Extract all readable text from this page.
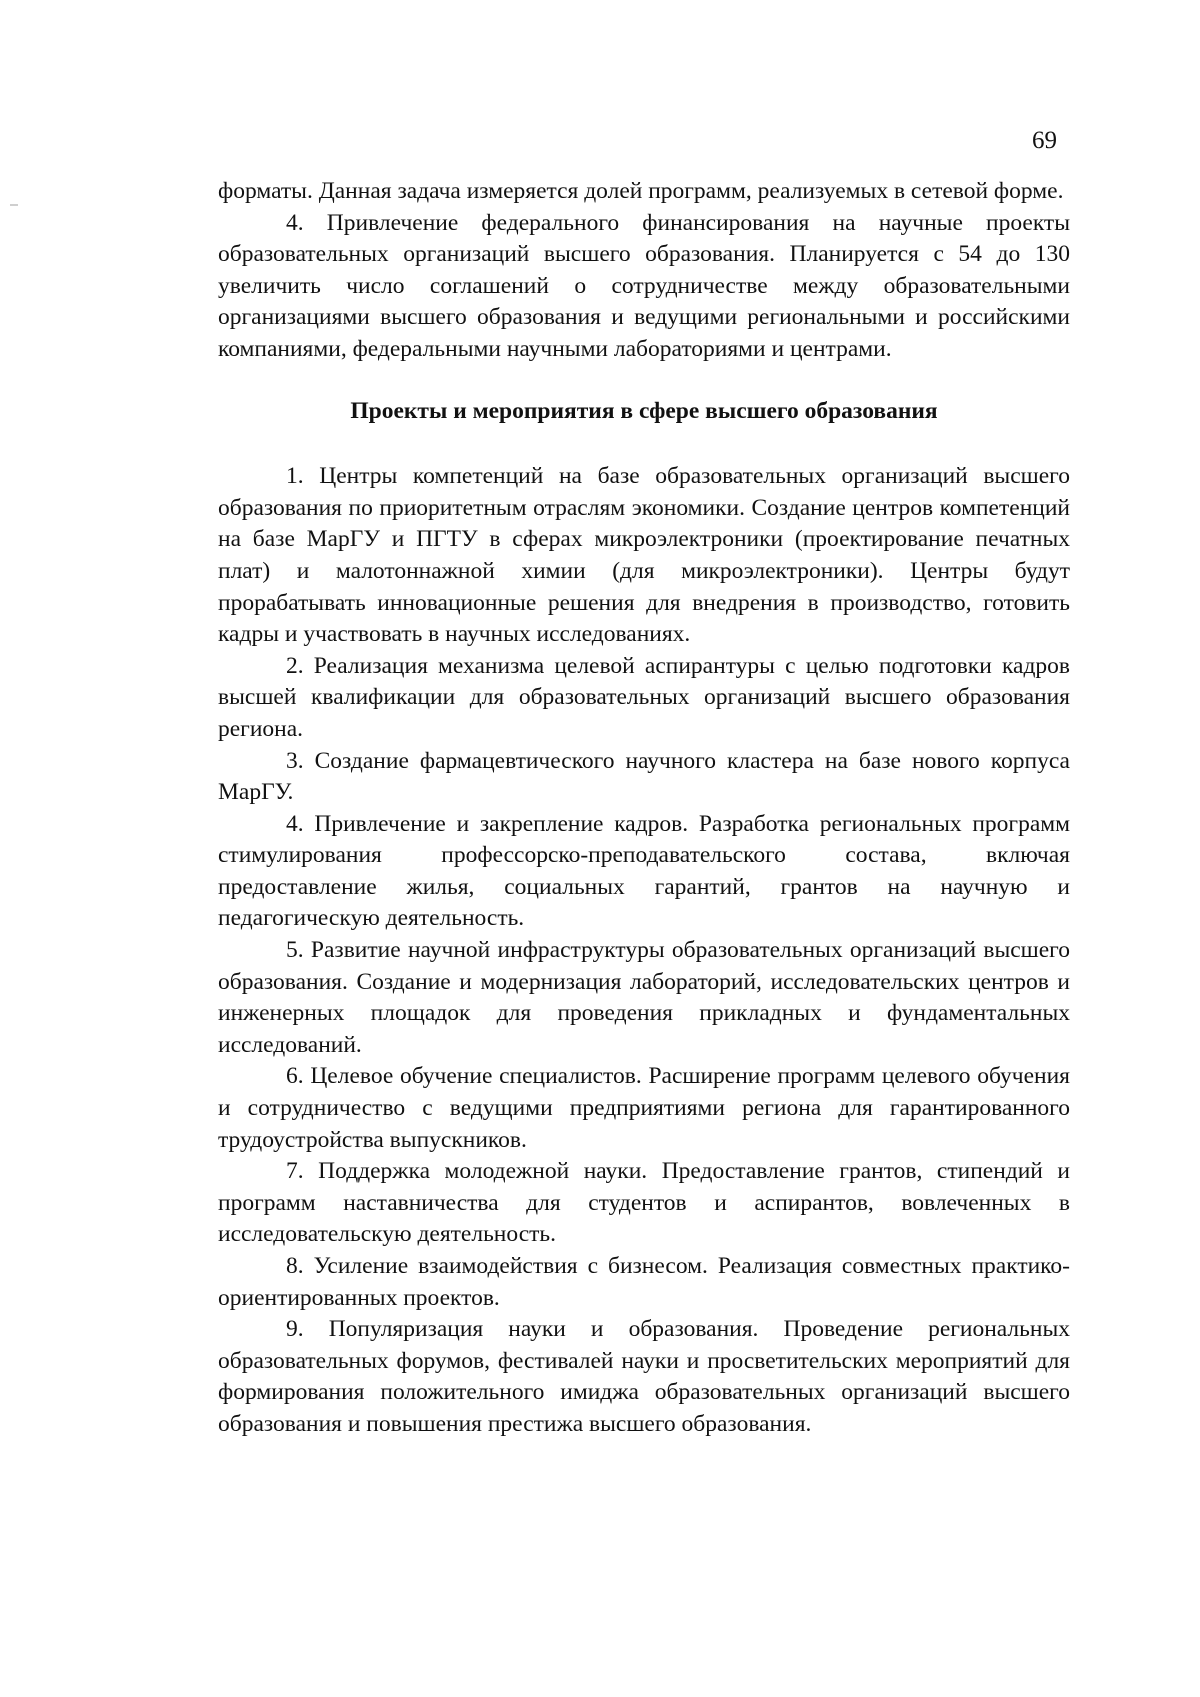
69

форматы. Данная задача измеряется долей программ, реализуемых в сетевой форме.

4. Привлечение федерального финансирования на научные проекты образовательных организаций высшего образования. Планируется с 54 до 130 увеличить число соглашений о сотрудничестве между образовательными организациями высшего образования и ведущими региональными и российскими компаниями, федеральными научными лабораториями и центрами.

Проекты и мероприятия в сфере высшего образования

1. Центры компетенций на базе образовательных организаций высшего образования по приоритетным отраслям экономики. Создание центров компетенций на базе МарГУ и ПГТУ в сферах микроэлектроники (проектирование печатных плат) и малотоннажной химии (для микроэлектроники). Центры будут прорабатывать инновационные решения для внедрения в производство, готовить кадры и участвовать в научных исследованиях.

2. Реализация механизма целевой аспирантуры с целью подготовки кадров высшей квалификации для образовательных организаций высшего образования региона.

3. Создание фармацевтического научного кластера на базе нового корпуса МарГУ.

4. Привлечение и закрепление кадров. Разработка региональных программ стимулирования профессорско-преподавательского состава, включая предоставление жилья, социальных гарантий, грантов на научную и педагогическую деятельность.

5. Развитие научной инфраструктуры образовательных организаций высшего образования. Создание и модернизация лабораторий, исследовательских центров и инженерных площадок для проведения прикладных и фундаментальных исследований.

6. Целевое обучение специалистов. Расширение программ целевого обучения и сотрудничество с ведущими предприятиями региона для гарантированного трудоустройства выпускников.

7. Поддержка молодежной науки. Предоставление грантов, стипендий и программ наставничества для студентов и аспирантов, вовлеченных в исследовательскую деятельность.

8. Усиление взаимодействия с бизнесом. Реализация совместных практико-ориентированных проектов.

9. Популяризация науки и образования. Проведение региональных образовательных форумов, фестивалей науки и просветительских мероприятий для формирования положительного имиджа образовательных организаций высшего образования и повышения престижа высшего образования.
